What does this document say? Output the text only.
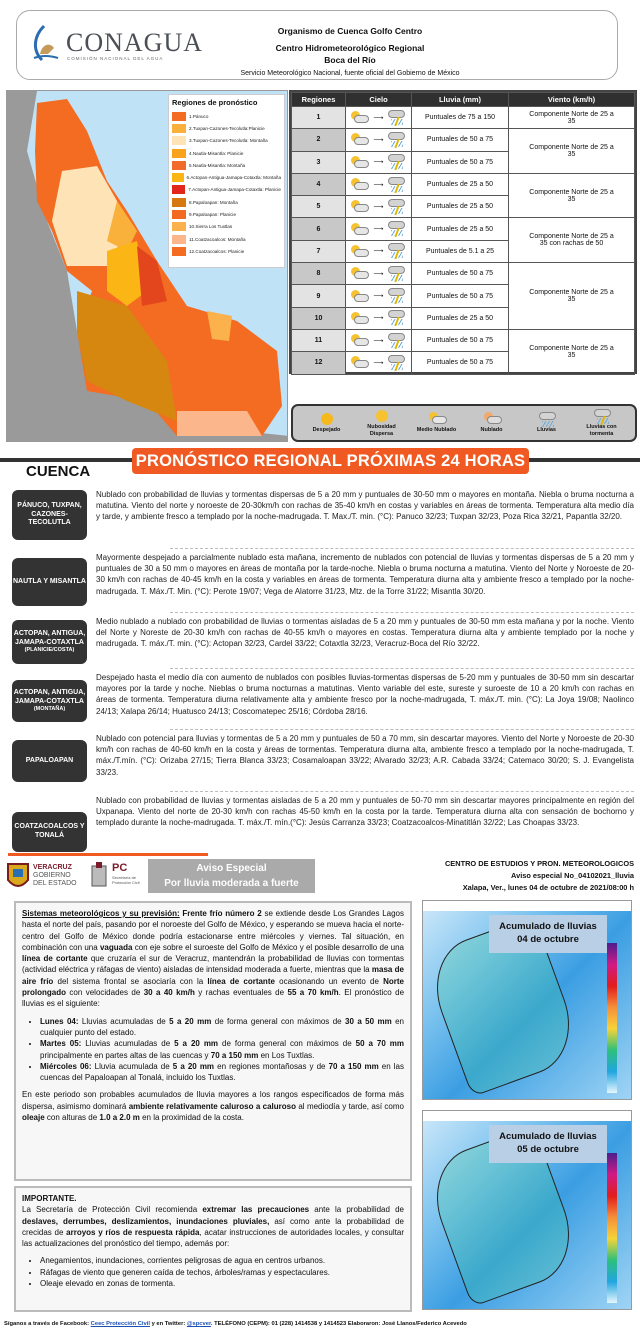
CONAGUA
COMISIÓN NACIONAL DEL AGUA
Organismo de Cuenca Golfo Centro
Centro Hidrometeorológico Regional
Boca del Río
Servicio Meteorológico Nacional, fuente oficial del Gobierno de México
Regiones de pronóstico
1.Pánuco
2.Tuxpan-Cazones-Tecolutla:Planicie
3.Tuxpan-Cazones-Tecolutla: Montaña
4.Nautla-Misantla: Planicie
5.Nautla-Misantla: Montaña
6.Actopan-Antigua-Jamapa-Cotaxtla: Montaña
7.Actopan-Antigua-Jamapa-Cotaxtla: Planicie
8.Papaloapan: Montaña
9.Papaloapan: Planicie
10.Sierra Los Tuxtlas
11.Coatzacoalcos: Montaña
12.Coatzacoalcos: Planicie
Regiones	Cielo	Lluvia (mm)	Viento (km/h)
1	⟶	Puntuales de 75 a 150	Componente Norte de 25 a 35
2	⟶	Puntuales de 50 a 75	Componente Norte de 25 a 35
3	⟶	Puntuales de 50 a 75	
4	⟶	Puntuales de 25 a 50	Componente Norte de 25 a 35
5	⟶	Puntuales de 25 a 50	
6	⟶	Puntuales de 25 a 50	Componente Norte de 25 a 35 con rachas de 50
7	⟶	Puntuales de 5.1 a 25	
8	⟶	Puntuales de 50 a 75	Componente Norte de 25 a 35
9	⟶	Puntuales de 50 a 75	
10	⟶	Puntuales de 25 a 50	
11	⟶	Puntuales de 50 a 75	Componente Norte de 25 a 35
12	⟶	Puntuales de 50 a 75	
Despejado
Nubosidad Dispersa
Medio Nublado	Nublado	Lluvias
Lluvias con tormenta
PRONÓSTICO REGIONAL PRÓXIMAS 24 HORAS
CUENCA
PÁNUCO, TUXPAN, CAZONES-TECOLUTLA
Nublado con probabilidad de lluvias y tormentas dispersas de 5 a 20 mm y puntuales de 30-50 mm o mayores en montaña. Niebla o bruma nocturna a matutina. Viento del norte y noroeste de 20-30km/h con rachas de 35-40 km/h en costas y variables en áreas de tormenta. Temperatura alta medio día y tarde, y ambiente fresco a templado por la noche-madrugada. T. Max./T. min. (°C): Panuco 32/23; Tuxpan 32/23, Poza Rica 32/21, Papantla 32/20.
NAUTLA Y MISANTLA
Mayormente despejado a parcialmente nublado esta mañana, incremento de nublados con potencial de lluvias y tormentas dispersas de 5 a 20 mm y puntuales de 30 a 50 mm o mayores en áreas de montaña por la tarde-noche. Niebla o bruma nocturna a matutina. Viento del Norte y Noroeste de 20-30 km/h con rachas de 40-45 km/h en la costa y variables en áreas de tormenta. Temperatura diurna alta y ambiente fresco a templado por la noche-madrugada. T. Máx./T. Min. (°C): Perote 19/07; Vega de Alatorre 31/23, Mtz. de la Torre 31/22; Misantla 30/20.
ACTOPAN, ANTIGUA, JAMAPA-COTAXTLA
(PLANICIE/COSTA)
Medio nublado a nublado con probabilidad de lluvias o tormentas aisladas de 5 a 20 mm y puntuales de 30-50 mm esta mañana y por la noche. Viento del Norte y Noreste de 20-30 km/h con rachas de 40-55 km/h o mayores en costas. Temperatura diurna alta y ambiente templado por la noche y madrugada. T. máx./T. min. (°C): Actopan 32/23, Cardel 33/22; Cotaxtla 32/23, Veracruz-Boca del Río 32/22.
ACTOPAN, ANTIGUA, JAMAPA-COTAXTLA
(MONTAÑA)
Despejado hasta el medio día con aumento de nublados con posibles lluvias-tormentas dispersas de 5-20 mm y puntuales de 30-50 mm sin descartar mayores por la tarde y noche. Nieblas o bruma nocturnas a matutinas. Viento variable del este, sureste y suroeste de 10 a 20 km/h con rachas en áreas de tormenta. Temperatura diurna relativamente alta y ambiente fresco por la noche-madrugada, T. máx./T. min. (°C): La Joya 19/08; Naolinco 24/13; Xalapa 26/14; Huatusco 24/13; Coscomatepec 25/16; Córdoba 28/16.
PAPALOAPAN
Nublado con potencial para lluvias y tormentas de 5 a 20 mm y puntuales de 50 a 70 mm, sin descartar mayores. Viento del Norte y Noroeste de 20-30 km/h con rachas de 40-60 km/h en la costa y áreas de tormentas. Temperatura diurna alta, ambiente fresco a templado por la noche-madrugada, T. máx./T.mín. (°C): Orizaba 27/15; Tierra Blanca 33/23; Cosamaloapan 33/22; Alvarado 32/23; A.R. Cabada 33/24; Catemaco 30/20; S. J. Evangelista 33/23.
COATZACOALCOS Y TONALÁ
Nublado con probabilidad de lluvias y tormentas aisladas de 5 a 20 mm y puntuales de 50-70 mm sin descartar mayores principalmente en región del Uxpanapa. Viento del norte de 20-30 km/h con rachas 45-50 km/h en la costa por la tarde. Temperatura diurna alta con sensación de bochorno y templado durante la noche-madrugada. T. máx./T. mín.(°C): Jesús Carranza 33/23; Coatzacoalcos-Minatitlán 32/22; Las Choapas 33/23.
VERACRUZ
GOBIERNO
DEL ESTADO
PC
Secretaría de
Protección Civil
Aviso Especial
Por lluvia moderada a fuerte
CENTRO DE ESTUDIOS Y PRON. METEOROLOGICOS
Aviso especial No_04102021_lluvia
Xalapa, Ver., lunes 04 de octubre de 2021/08:00 h

Sistemas meteorológicos y su previsión: Frente frío número 2 se extiende desde Los Grandes Lagos hasta el norte del país, pasando por el noroeste del Golfo de México, y esperando se mueva hacia el norte-centro del Golfo de México donde podría estacionarse entre miércoles y viernes. Tal situación, en combinación con una vaguada con eje sobre el suroeste del Golfo de México y el posible desarrollo de una línea de cortante que cruzaría el sur de Veracruz, mantendrán la probabilidad de lluvias con tormentas (actividad eléctrica y ráfagas de viento) aisladas de intensidad moderada a fuerte, mientras que la masa de aire frío del sistema frontal se asociaría con la línea de cortante ocasionando un evento de Norte prolongado con velocidades de 30 a 40 km/h y rachas eventuales de 55 a 70 km/h. El pronóstico de lluvias es el siguiente:

• Lunes 04: Lluvias acumuladas de 5 a 20 mm de forma general con máximos de 30 a 50 mm en cualquier punto del estado.
• Martes 05: Lluvias acumuladas de 5 a 20 mm de forma general con máximos de 50 a 70 mm principalmente en partes altas de las cuencas y 70 a 150 mm en Los Tuxtlas.
• Miércoles 06: Lluvia acumulada de 5 a 20 mm en regiones montañosas y de 70 a 150 mm en las cuencas del Papaloapan al Tonalá, incluido los Tuxtlas.

En este periodo son probables acumulados de lluvia mayores a los rangos especificados de forma más dispersa, asimismo dominará ambiente relativamente caluroso a caluroso al mediodía y tarde, así como oleaje con alturas de 1.0 a 2.0 m en la proximidad de la costa.

IMPORTANTE.

La Secretaría de Protección Civil recomienda extremar las precauciones ante la probabilidad de deslaves, derrumbes, deslizamientos, inundaciones pluviales, así como ante la probabilidad de crecidas de arroyos y ríos de respuesta rápida, acatar instrucciones de autoridades locales, y consultar las actualizaciones del pronóstico del tiempo, además por:

• Anegamientos, inundaciones, corrientes peligrosas de agua en centros urbanos.
• Ráfagas de viento que generen caída de techos, árboles/ramas y espectaculares.
• Oleaje elevado en zonas de tormenta.
Acumulado de lluvias
04 de octubre
Acumulado de lluvias
05 de octubre
Síganos a través de Facebook: Ceec Protección Civil y en Twitter: @spcver. TELÉFONO (CEPM): 01 (228) 1414538 y 1414523 Elaboraron: José Llanos/Federico Acevedo
